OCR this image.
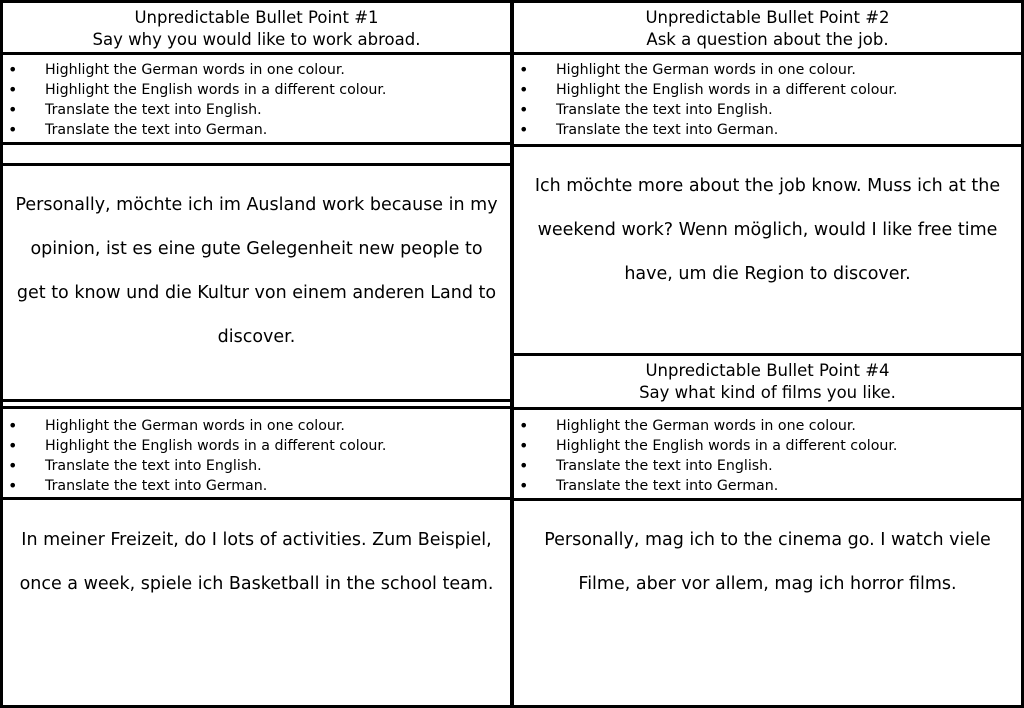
Unpredictable Bullet Point #1
Say why you would like to work abroad.
Unpredictable Bullet Point #2
Ask a question about the job.
• Highlight the German words in one colour.
• Highlight the English words in a different colour.
• Translate the text into English.
• Translate the text into German.
• Highlight the German words in one colour.
• Highlight the English words in a different colour.
• Translate the text into English.
• Translate the text into German.

Personally, möchte ich im Ausland work because in my opinion, ist es eine gute Gelegenheit new people to get to know und die Kultur von einem anderen Land to discover.

Ich möchte more about the job know. Muss ich at the weekend work? Wenn möglich, would I like free time have, um die Region to discover.

Unpredictable Bullet Point #4
Say what kind of films you like.
• Highlight the German words in one colour.
• Highlight the English words in a different colour.
• Translate the text into English.
• Translate the text into German.
• Highlight the German words in one colour.
• Highlight the English words in a different colour.
• Translate the text into English.
• Translate the text into German.

In meiner Freizeit, do I lots of activities. Zum Beispiel, once a week, spiele ich Basketball in the school team.

Personally, mag ich to the cinema go. I watch viele Filme, aber vor allem, mag ich horror films.
